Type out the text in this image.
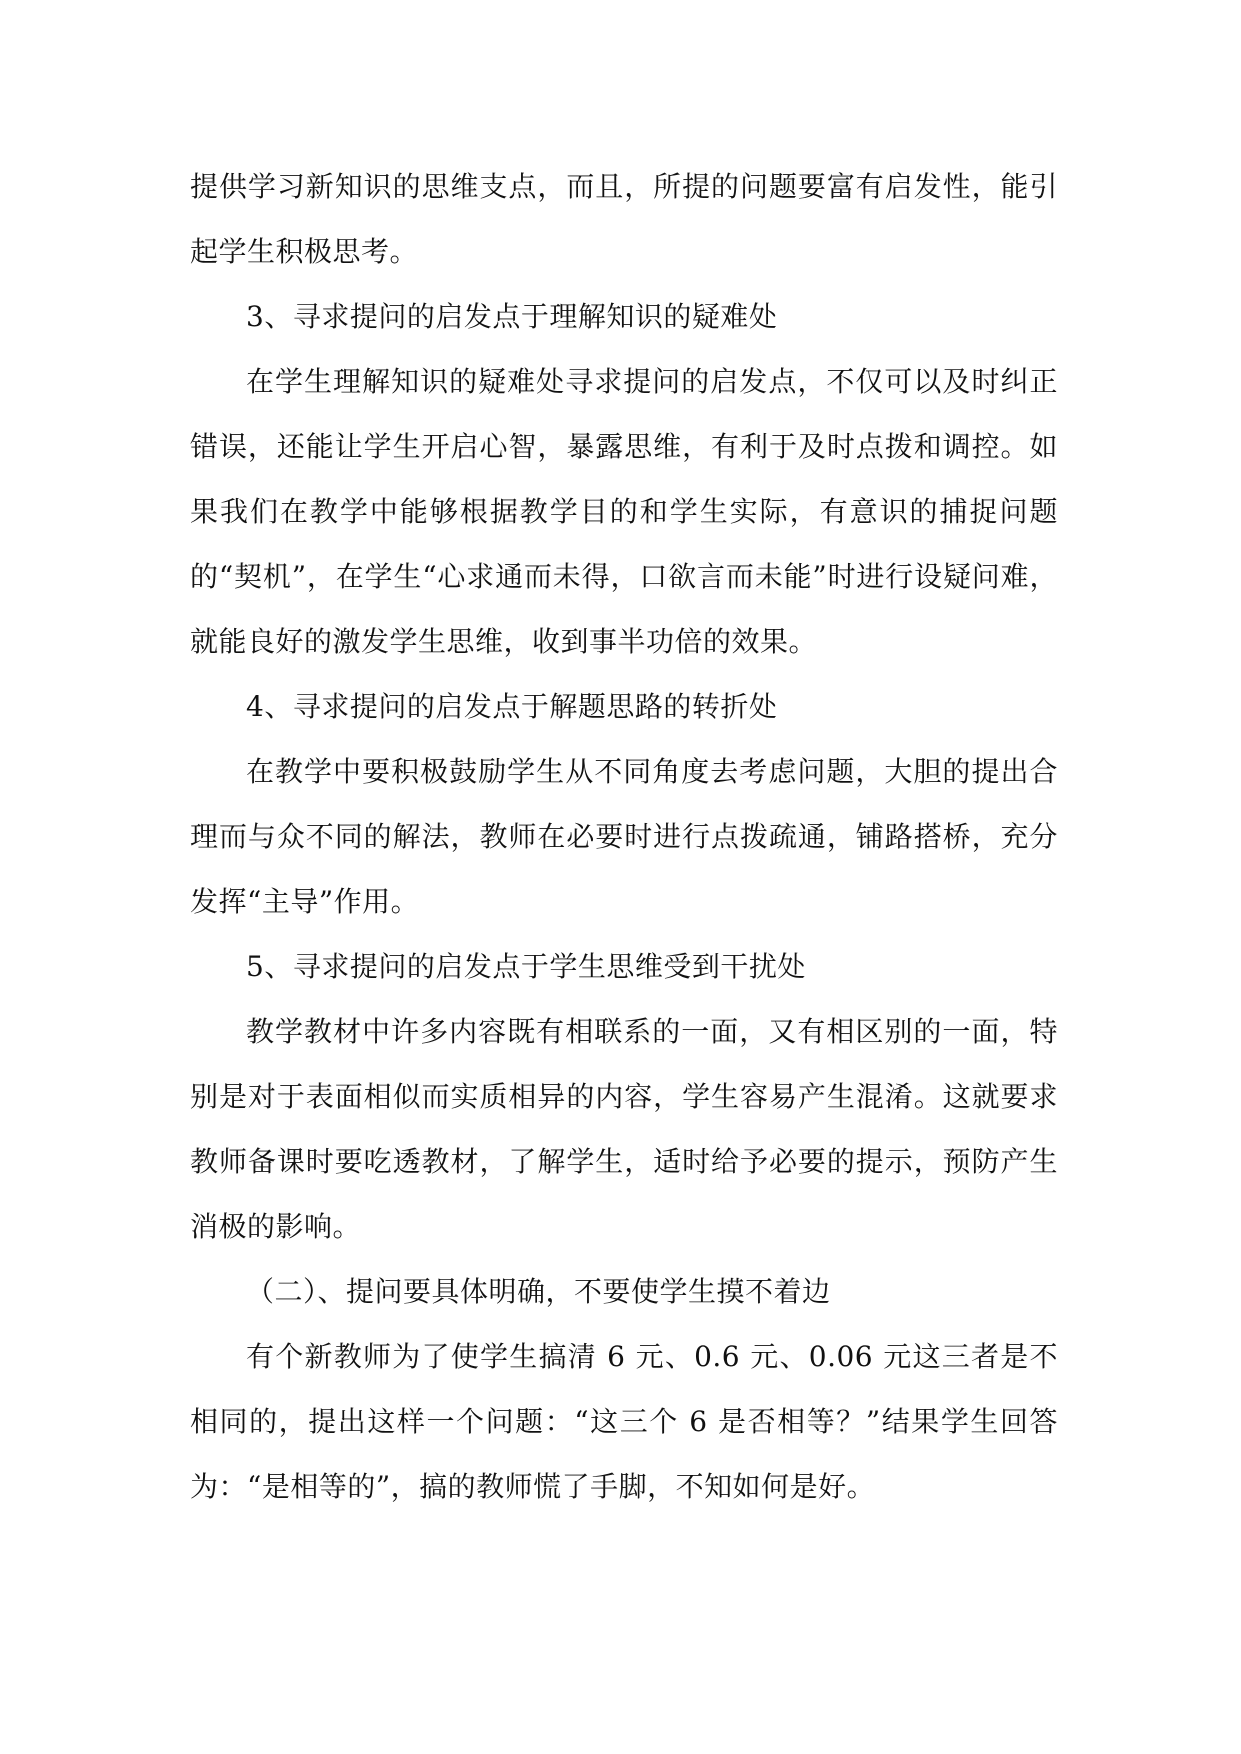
提供学习新知识的思维支点，而且，所提的问题要富有启发性，能引起学生积极思考。

3、寻求提问的启发点于理解知识的疑难处

在学生理解知识的疑难处寻求提问的启发点，不仅可以及时纠正错误，还能让学生开启心智，暴露思维，有利于及时点拨和调控。如果我们在教学中能够根据教学目的和学生实际，有意识的捕捉问题的“契机”，在学生“心求通而未得，口欲言而未能”时进行设疑问难，就能良好的激发学生思维，收到事半功倍的效果。

4、寻求提问的启发点于解题思路的转折处

在教学中要积极鼓励学生从不同角度去考虑问题，大胆的提出合理而与众不同的解法，教师在必要时进行点拨疏通，铺路搭桥，充分发挥“主导”作用。

5、寻求提问的启发点于学生思维受到干扰处

教学教材中许多内容既有相联系的一面，又有相区别的一面，特别是对于表面相似而实质相异的内容，学生容易产生混淆。这就要求教师备课时要吃透教材，了解学生，适时给予必要的提示，预防产生消极的影响。

（二）、提问要具体明确，不要使学生摸不着边

有个新教师为了使学生搞清 6 元、0.6 元、0.06 元这三者是不相同的，提出这样一个问题：“这三个 6 是否相等？”结果学生回答为：“是相等的”，搞的教师慌了手脚，不知如何是好。
